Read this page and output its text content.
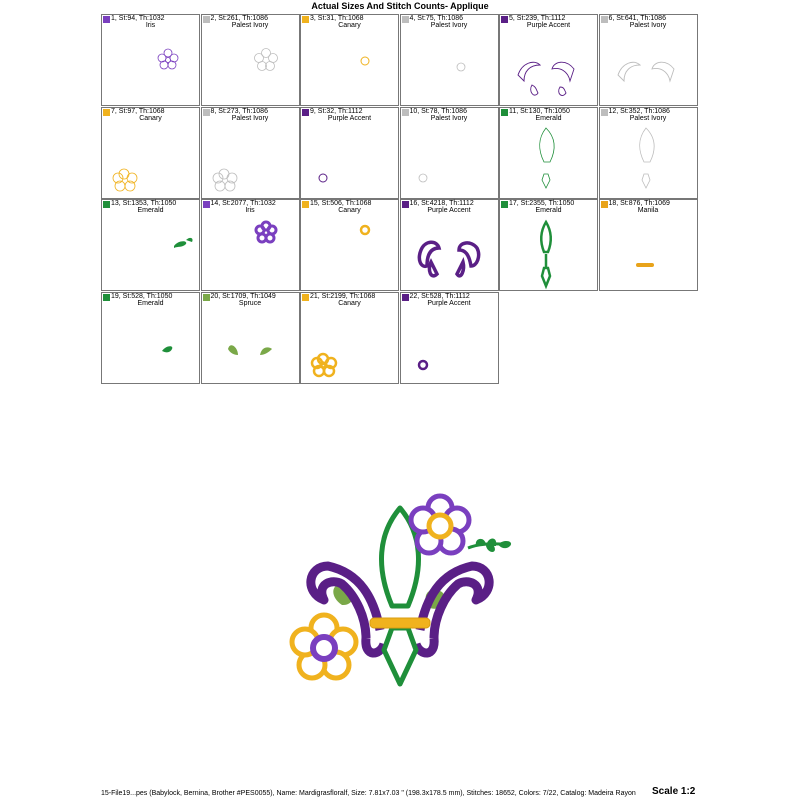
Actual Sizes And Stitch Counts- Applique
1, St:94, Th:1032
Iris
2, St:261, Th:1086
Palest Ivory
3, St:31, Th:1068
Canary
4, St:75, Th:1086
Palest Ivory
5, St:239, Th:1112
Purple Accent
6, St:641, Th:1086
Palest Ivory
7, St:97, Th:1068
Canary
8, St:273, Th:1086
Palest Ivory
9, St:32, Th:1112
Purple Accent
10, St:78, Th:1086
Palest Ivory
11, St:130, Th:1050
Emerald
12, St:352, Th:1086
Palest Ivory
13, St:1353, Th:1050
Emerald
14, St:2077, Th:1032
Iris
15, St:506, Th:1068
Canary
16, St:4218, Th:1112
Purple Accent
17, St:2355, Th:1050
Emerald
18, St:876, Th:1069
Manila
19, St:528, Th:1050
Emerald
20, St:1709, Th:1049
Spruce
21, St:2199, Th:1068
Canary
22, St:528, Th:1112
Purple Accent
15-File19...pes (Babylock, Bernina, Brother #PES0055), Name: Mardigrasfloralf, Size: 7.81x7.03 " (198.3x178.5 mm), Stitches: 18652, Colors: 7/22, Catalog: Madeira Rayon Scale 1:2
